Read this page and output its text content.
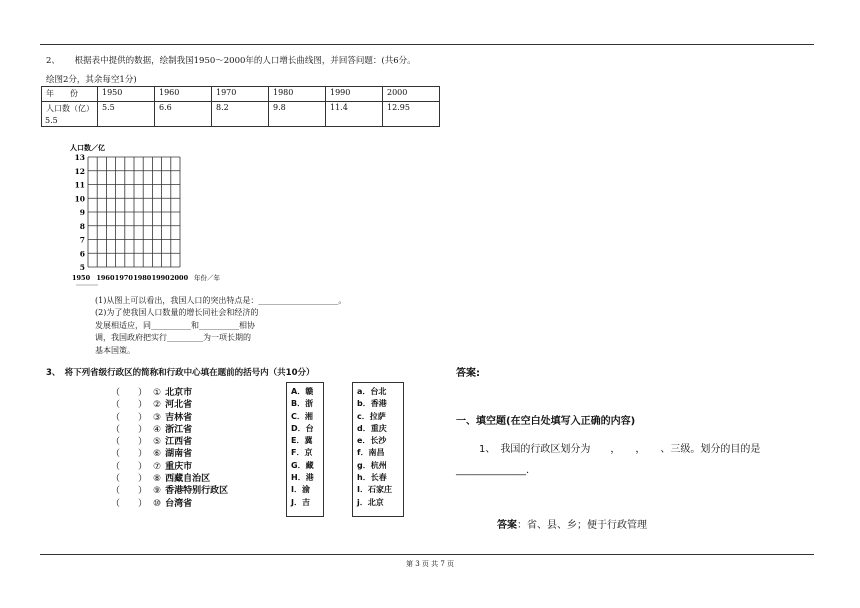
2、 根据表中提供的数据，绘制我国1950～2000年的人口增长曲线图，并回答问题：(共6分。
绘图2分，其余每空1分)
年　　份	1950	1960	1970	1980	1990	2000
人口数（亿）	5.5	6.6	8.2	9.8	11.4	12.95
5.5
人口数／亿
13
12
11
10
9
8
7
6
5
1950 1960 1970 1980 1990 2000 年份／年
(1)从图上可以看出，我国人口的突出特点是：____________________。
(2)为了使我国人口数量的增长同社会和经济的
发展相适应，同__________和__________相协
调，我国政府把实行_________为一项长期的
基本国策。
3、　将下列省级行政区的简称和行政中心填在题前的括号内（共10分）
（　　） ① 北京市
（　　） ② 河北省
（　　） ③ 吉林省
（　　） ④ 浙江省
（　　） ⑤ 江西省
（　　） ⑥ 湖南省
（　　） ⑦ 重庆市
（　　） ⑧ 西藏自治区
（　　） ⑨ 香港特别行政区
（　　） ⑩ 台湾省
A．赣
B．浙
C．湘
D．台
E．冀
F．京
G．藏
H．港
I．渝
J．吉
a．台北
b．香港
c．拉萨
d．重庆
e．长沙
f．南昌
g．杭州
h．长春
I．石家庄
j．北京
答案:
一、填空题(在空白处填写入正确的内容)
1、　我国的行政区划分为　　，　　，　　、三级。划分的目的是
______________.
答案：省、县、乡；便于行政管理
第 3 页 共 7 页
